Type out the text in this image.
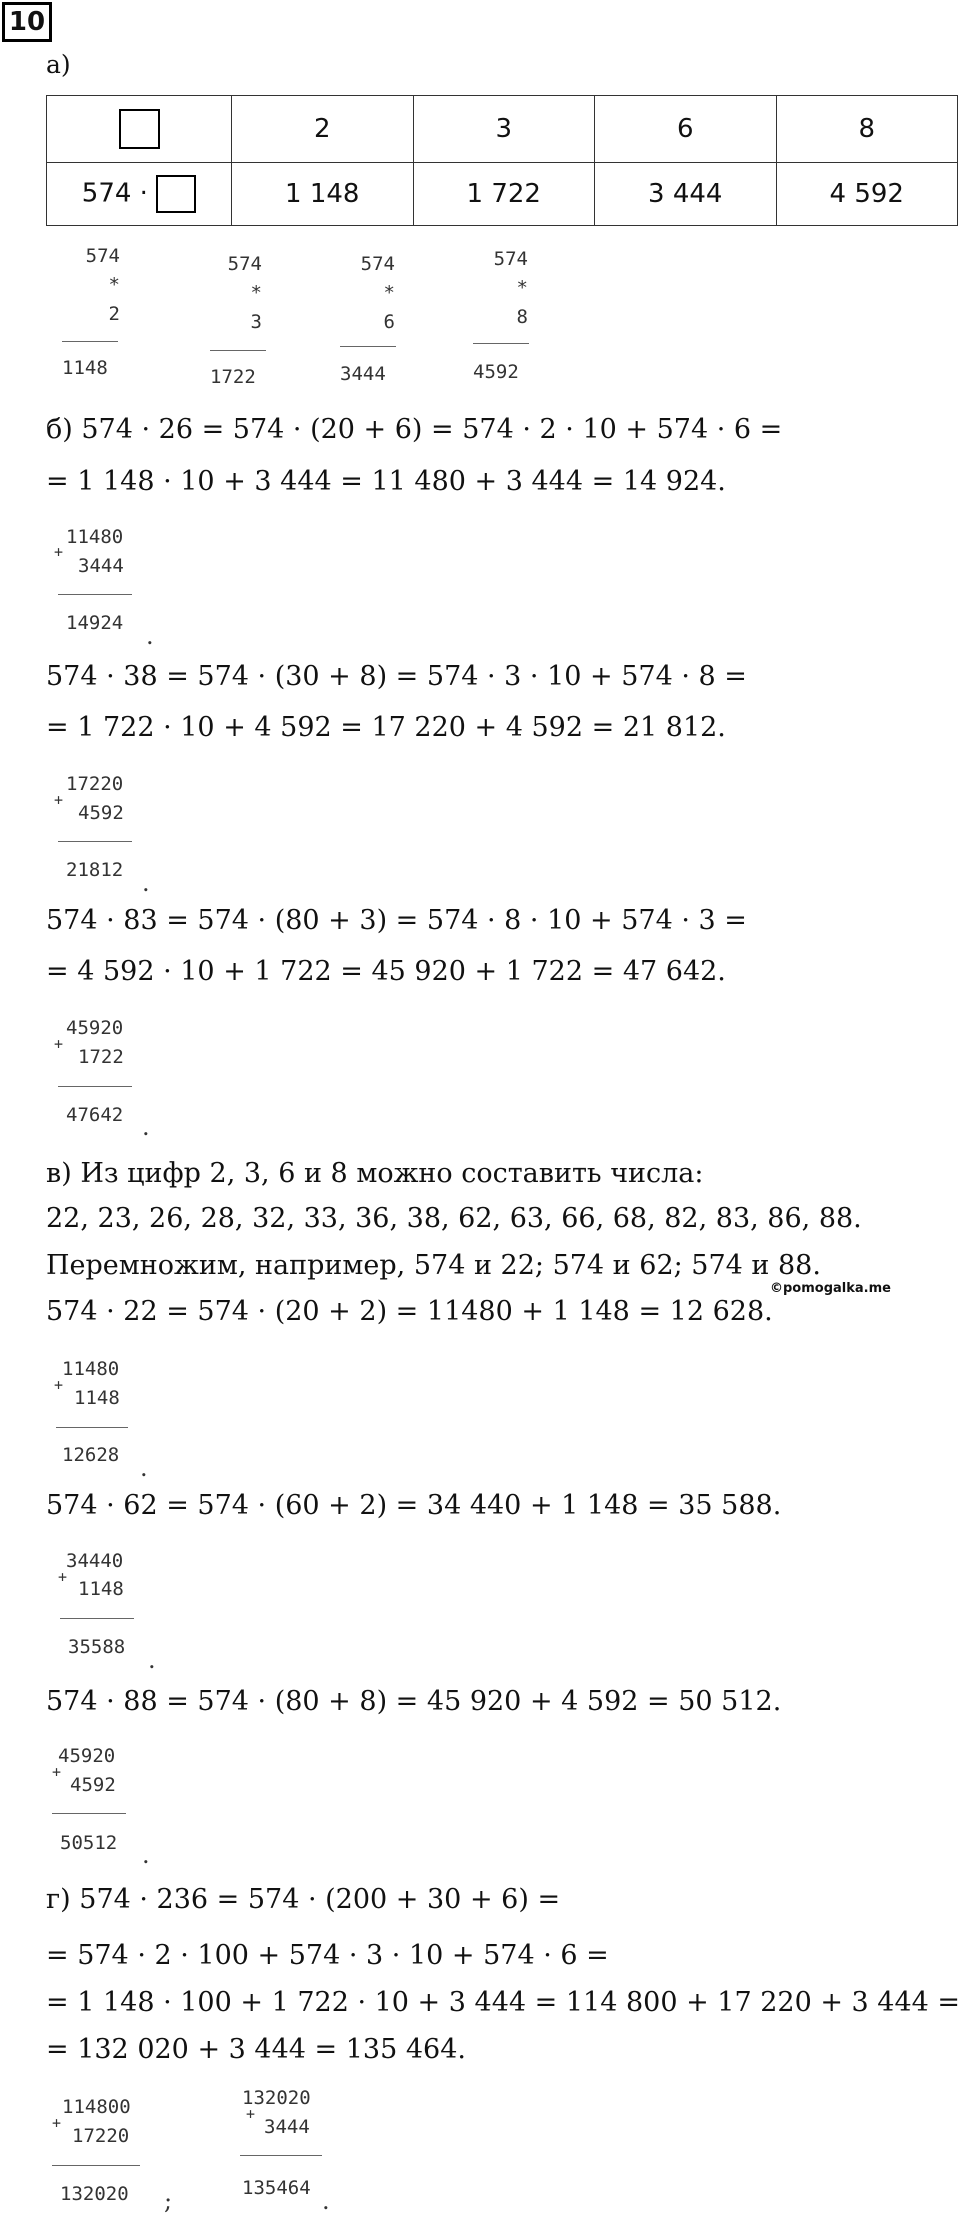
10
а)
	2	3	6	8
574 ·	1 148	1 722	3 444	4 592
574
*
2
1148
574
*
3
1722
574
*
6
3444
574
*
8
4592
б) 574 · 26 = 574 · (20 + 6) = 574 · 2 · 10 + 574 · 6 =
= 1 148 · 10 + 3 444 = 11 480 + 3 444 = 14 924.
11480
+
3444
14924 .
574 · 38 = 574 · (30 + 8) = 574 · 3 · 10 + 574 · 8 =
= 1 722 · 10 + 4 592 = 17 220 + 4 592 = 21 812.
17220
+
4592
21812 .
574 · 83 = 574 · (80 + 3) = 574 · 8 · 10 + 574 · 3 =
= 4 592 · 10 + 1 722 = 45 920 + 1 722 = 47 642.
45920
+
1722
47642 .
в) Из цифр 2, 3, 6 и 8 можно составить числа:
22, 23, 26, 28, 32, 33, 36, 38, 62, 63, 66, 68, 82, 83, 86, 88.
Перемножим, например, 574 и 22; 574 и 62; 574 и 88.
©pomogalka.me
574 · 22 = 574 · (20 + 2) = 11480 + 1 148 = 12 628.
11480
+
1148
12628 .
574 · 62 = 574 · (60 + 2) = 34 440 + 1 148 = 35 588.
34440
+
1148
35588 .
574 · 88 = 574 · (80 + 8) = 45 920 + 4 592 = 50 512.
45920
+
4592
50512 .
г) 574 · 236 = 574 · (200 + 30 + 6) =
= 574 · 2 · 100 + 574 · 3 · 10 + 574 · 6 =
= 1 148 · 100 + 1 722 · 10 + 3 444 = 114 800 + 17 220 + 3 444 =
= 132 020 + 3 444 = 135 464.
114800
+
17220
132020 ;
132020
+
3444
135464 .
